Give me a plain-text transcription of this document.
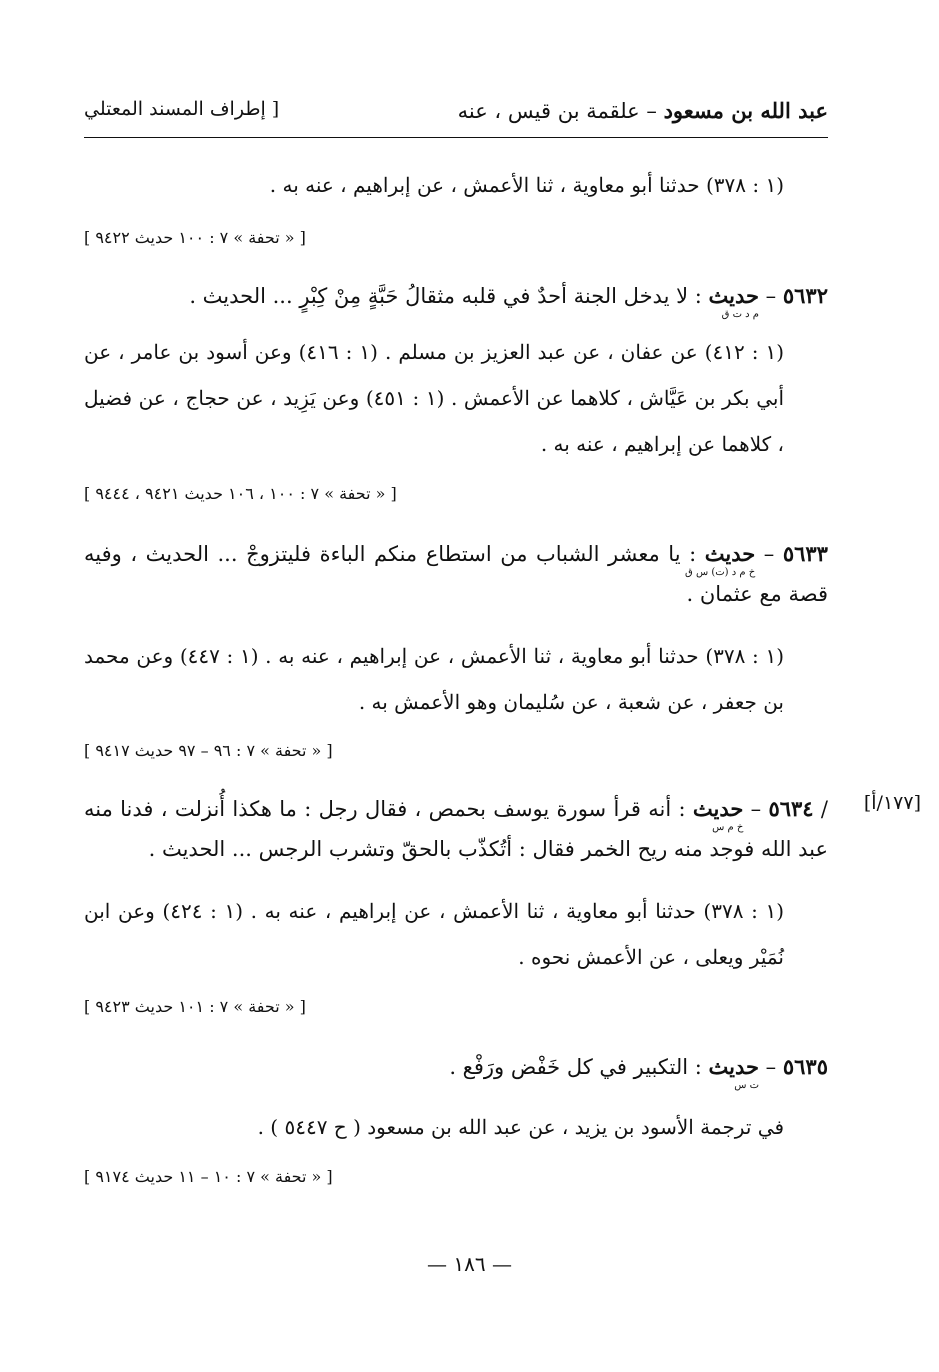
عبد الله بن مسعود – علقمة بن قيس ، عنه
[ إطراف المسند المعتلي
(١ : ٣٧٨) حدثنا أبو معاوية ، ثنا الأعمش ، عن إبراهيم ، عنه به .
[ « تحفة » ٧ : ١٠٠ حديث ٩٤٢٢ ]
٥٦٣٢ – حديث
م د ت ق
: لا يدخل الجنة أحدٌ في قلبه مثقالُ حَبَّةٍ مِنْ كِبْرٍ ... الحديث .
(١ : ٤١٢) عن عفان ، عن عبد العزيز بن مسلم . (١ : ٤١٦) وعن أسود بن عامر ، عن أبي بكر بن عَيَّاش ، كلاهما عن الأعمش . (١ : ٤٥١) وعن يَزِيد ، عن حجاج ، عن فضيل ، كلاهما عن إبراهيم ، عنه به .
[ « تحفة » ٧ : ١٠٠ ، ١٠٦ حديث ٩٤٢١ ، ٩٤٤٤ ]
٥٦٣٣ – حديث
خ م د (ت) س ق
: يا معشر الشباب من استطاع منكم الباءة فليتزوجْ ... الحديث ، وفيه قصة مع عثمان .
(١ : ٣٧٨) حدثنا أبو معاوية ، ثنا الأعمش ، عن إبراهيم ، عنه به . (١ : ٤٤٧) وعن محمد بن جعفر ، عن شعبة ، عن سُليمان وهو الأعمش به .
[ « تحفة » ٧ : ٩٦ – ٩٧ حديث ٩٤١٧ ]
[١٧٧/أ]
/ ٥٦٣٤ – حديث
خ م س
: أنه قرأ سورة يوسف بحمص ، فقال رجل : ما هكذا أُنزلت ، فدنا منه عبد الله فوجد منه ريح الخمر فقال : أتُكذّب بالحقّ وتشرب الرجس ... الحديث .
(١ : ٣٧٨) حدثنا أبو معاوية ، ثنا الأعمش ، عن إبراهيم ، عنه به . (١ : ٤٢٤) وعن ابن نُمَيْر ويعلى ، عن الأعمش نحوه .
[ « تحفة » ٧ : ١٠١ حديث ٩٤٢٣ ]
٥٦٣٥ – حديث
ت س
: التكبير في كل خَفْض ورَفْع .
في ترجمة الأسود بن يزيد ، عن عبد الله بن مسعود ( ح ٥٤٤٧ ) .
[ « تحفة » ٧ : ١٠ – ١١ حديث ٩١٧٤ ]
— ١٨٦ —
